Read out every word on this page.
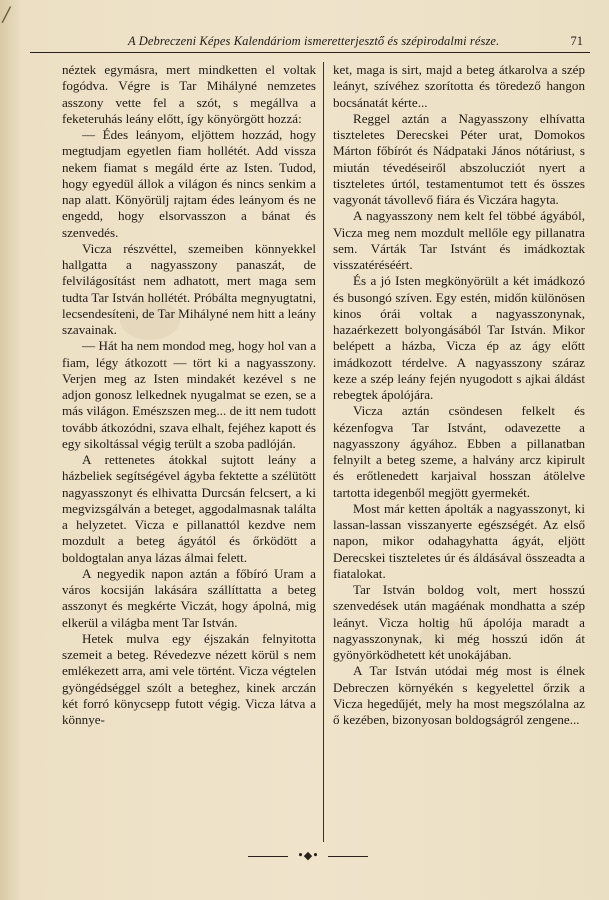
/
A Debreczeni Képes Kalendáriom ismeretterjesztő és szépirodalmi része.	71

néztek egymásra, mert mindketten el voltak fogódva. Végre is Tar Mihályné nemzetes asszony vette fel a szót, s megállva a feketeruhás leány előtt, így könyörgött hozzá:

— Édes leányom, eljöttem hozzád, hogy megtudjam egyetlen fiam hollétét. Add vissza nekem fiamat s megáld érte az Isten. Tudod, hogy egyedül állok a világon és nincs senkim a nap alatt. Könyörülj rajtam édes leányom és ne engedd, hogy elsorvasszon a bánat és szenvedés.

Vicza részvéttel, szemeiben könnyekkel hallgatta a nagyasszony panaszát, de felvilágosítást nem adhatott, mert maga sem tudta Tar István hollétét. Próbálta megnyugtatni, lecsendesíteni, de Tar Mihályné nem hitt a leány szavainak.

— Hát ha nem mondod meg, hogy hol van a fiam, légy átkozott — tört ki a nagyasszony. Verjen meg az Isten mindakét kezével s ne adjon gonosz lelkednek nyugalmat se ezen, se a más világon. Emészszen meg... de itt nem tudott tovább átkozódni, szava elhalt, fejéhez kapott és egy sikoltással végig terült a szoba padlóján.

A rettenetes átokkal sujtott leány a házbeliek segítségével ágyba fektette a szélütött nagyasszonyt és elhivatta Durcsán felcsert, a ki megvizsgálván a beteget, aggodalmasnak találta a helyzetet. Vicza e pillanattól kezdve nem mozdult a beteg ágyától és őrködött a boldogtalan anya lázas álmai felett.

A negyedik napon aztán a főbíró Uram a város kocsiján lakására szállíttatta a beteg asszonyt és megkérte Viczát, hogy ápolná, mig elkerül a világba ment Tar István.

Hetek mulva egy éjszakán felnyitotta szemeit a beteg. Révedezve nézett körül s nem emlékezett arra, ami vele történt. Vicza végtelen gyöngédséggel szólt a beteghez, kinek arczán két forró könycsepp futott végig. Vicza látva a könnye-

ket, maga is sirt, majd a beteg átkarolva a szép leányt, szívéhez szorította és töredező hangon bocsánatát kérte...

Reggel aztán a Nagyasszony elhívatta tiszteletes Derecskei Péter urat, Domokos Márton főbírót és Nádpataki János nótáriust, s miután tévedéseiről abszolucziót nyert a tiszteletes úrtól, testamentumot tett és összes vagyonát távollevő fiára és Viczára hagyta.

A nagyasszony nem kelt fel többé ágyából, Vicza meg nem mozdult mellőle egy pillanatra sem. Várták Tar Istvánt és imádkoztak visszatéréséért.

És a jó Isten megkönyörült a két imádkozó és busongó szíven. Egy estén, midőn különösen kinos órái voltak a nagyasszonynak, hazaérkezett bolyongásából Tar István. Mikor belépett a házba, Vicza ép az ágy előtt imádkozott térdelve. A nagyasszony száraz keze a szép leány fején nyugodott s ajkai áldást rebegtek ápolójára.

Vicza aztán csöndesen felkelt és kézenfogva Tar Istvánt, odavezette a nagyasszony ágyához. Ebben a pillanatban felnyilt a beteg szeme, a halvány arcz kipirult és erőtlenedett karjaival hosszan átölelve tartotta idegenből megjött gyermekét.

Most már ketten ápolták a nagyasszonyt, ki lassan-lassan visszanyerte egészségét. Az első napon, mikor odahagyhatta ágyát, eljött Derecskei tiszteletes úr és áldásával összeadta a fiatalokat.

Tar István boldog volt, mert hosszú szenvedések után magáénak mondhatta a szép leányt. Vicza holtig hű ápolója maradt a nagyasszonynak, ki még hosszú időn át gyönyörködhetett két unokájában.

A Tar István utódai még most is élnek Debreczen környékén s kegyelettel őrzik a Vicza hegedűjét, mely ha most megszólalna az ő kezében, bizonyosan boldogságról zengene...

•◆•
